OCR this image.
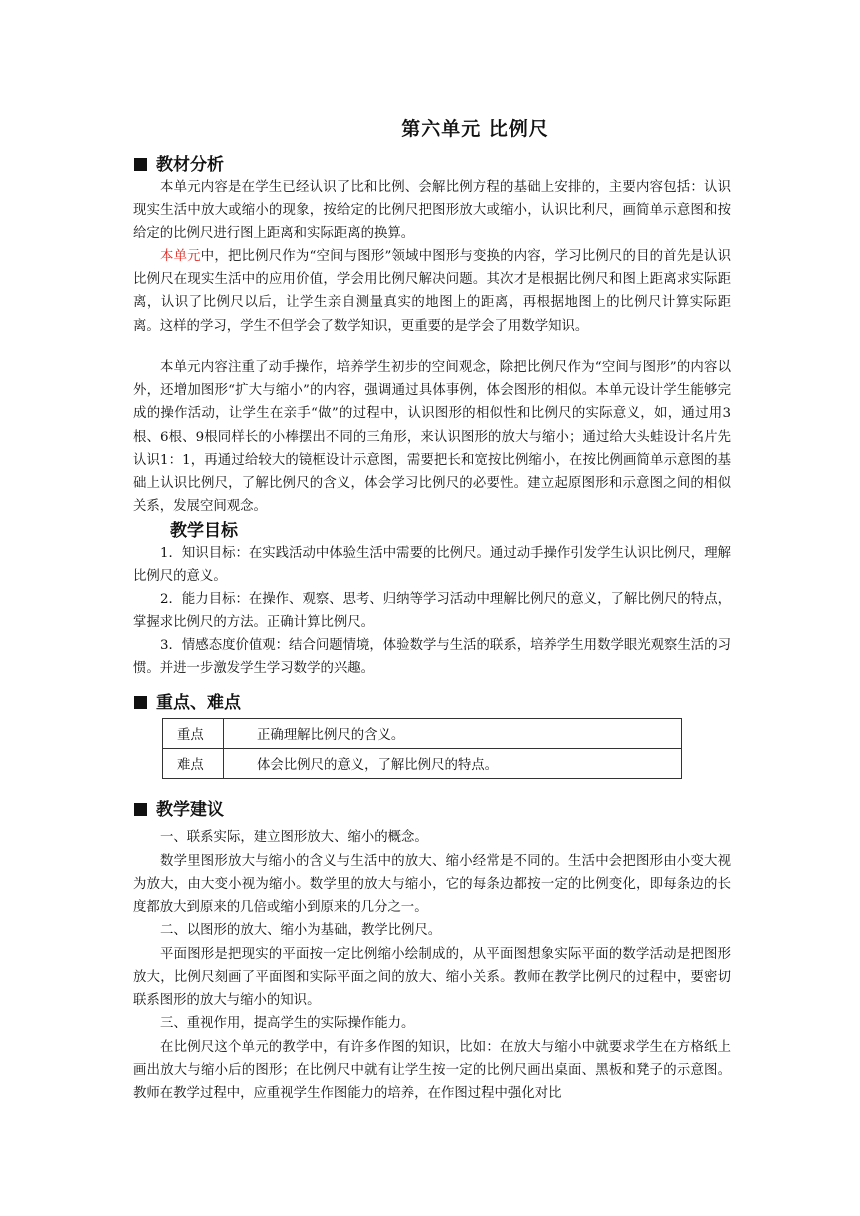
第六单元 比例尺
教材分析

本单元内容是在学生已经认识了比和比例、会解比例方程的基础上安排的，主要内容包括：认识现实生活中放大或缩小的现象，按给定的比例尺把图形放大或缩小，认识比利尺，画简单示意图和按给定的比例尺进行图上距离和实际距离的换算。

本单元中，把比例尺作为“空间与图形”领域中图形与变换的内容，学习比例尺的目的首先是认识比例尺在现实生活中的应用价值，学会用比例尺解决问题。其次才是根据比例尺和图上距离求实际距离，认识了比例尺以后，让学生亲自测量真实的地图上的距离，再根据地图上的比例尺计算实际距离。这样的学习，学生不但学会了数学知识，更重要的是学会了用数学知识。

本单元内容注重了动手操作，培养学生初步的空间观念，除把比例尺作为“空间与图形”的内容以外，还增加图形“扩大与缩小”的内容，强调通过具体事例，体会图形的相似。本单元设计学生能够完成的操作活动，让学生在亲手“做”的过程中，认识图形的相似性和比例尺的实际意义，如，通过用3根、6根、9根同样长的小棒摆出不同的三角形，来认识图形的放大与缩小；通过给大头蛙设计名片先认识1：1，再通过给较大的镜框设计示意图，需要把长和宽按比例缩小，在按比例画简单示意图的基础上认识比例尺，了解比例尺的含义，体会学习比例尺的必要性。建立起原图形和示意图之间的相似关系，发展空间观念。

教学目标

1．知识目标：在实践活动中体验生活中需要的比例尺。通过动手操作引发学生认识比例尺，理解比例尺的意义。

2．能力目标：在操作、观察、思考、归纳等学习活动中理解比例尺的意义，了解比例尺的特点，掌握求比例尺的方法。正确计算比例尺。

3．情感态度价值观：结合问题情境，体验数学与生活的联系，培养学生用数学眼光观察生活的习惯。并进一步激发学生学习数学的兴趣。

重点、难点
重点	正确理解比例尺的含义。
难点	体会比例尺的意义，了解比例尺的特点。
教学建议

一、联系实际，建立图形放大、缩小的概念。

数学里图形放大与缩小的含义与生活中的放大、缩小经常是不同的。生活中会把图形由小变大视为放大，由大变小视为缩小。数学里的放大与缩小，它的每条边都按一定的比例变化，即每条边的长度都放大到原来的几倍或缩小到原来的几分之一。

二、以图形的放大、缩小为基础，教学比例尺。

平面图形是把现实的平面按一定比例缩小绘制成的，从平面图想象实际平面的数学活动是把图形放大，比例尺刻画了平面图和实际平面之间的放大、缩小关系。教师在教学比例尺的过程中，要密切联系图形的放大与缩小的知识。

三、重视作用，提高学生的实际操作能力。

在比例尺这个单元的教学中，有许多作图的知识，比如：在放大与缩小中就要求学生在方格纸上画出放大与缩小后的图形；在比例尺中就有让学生按一定的比例尺画出桌面、黑板和凳子的示意图。教师在教学过程中，应重视学生作图能力的培养，在作图过程中强化对比
